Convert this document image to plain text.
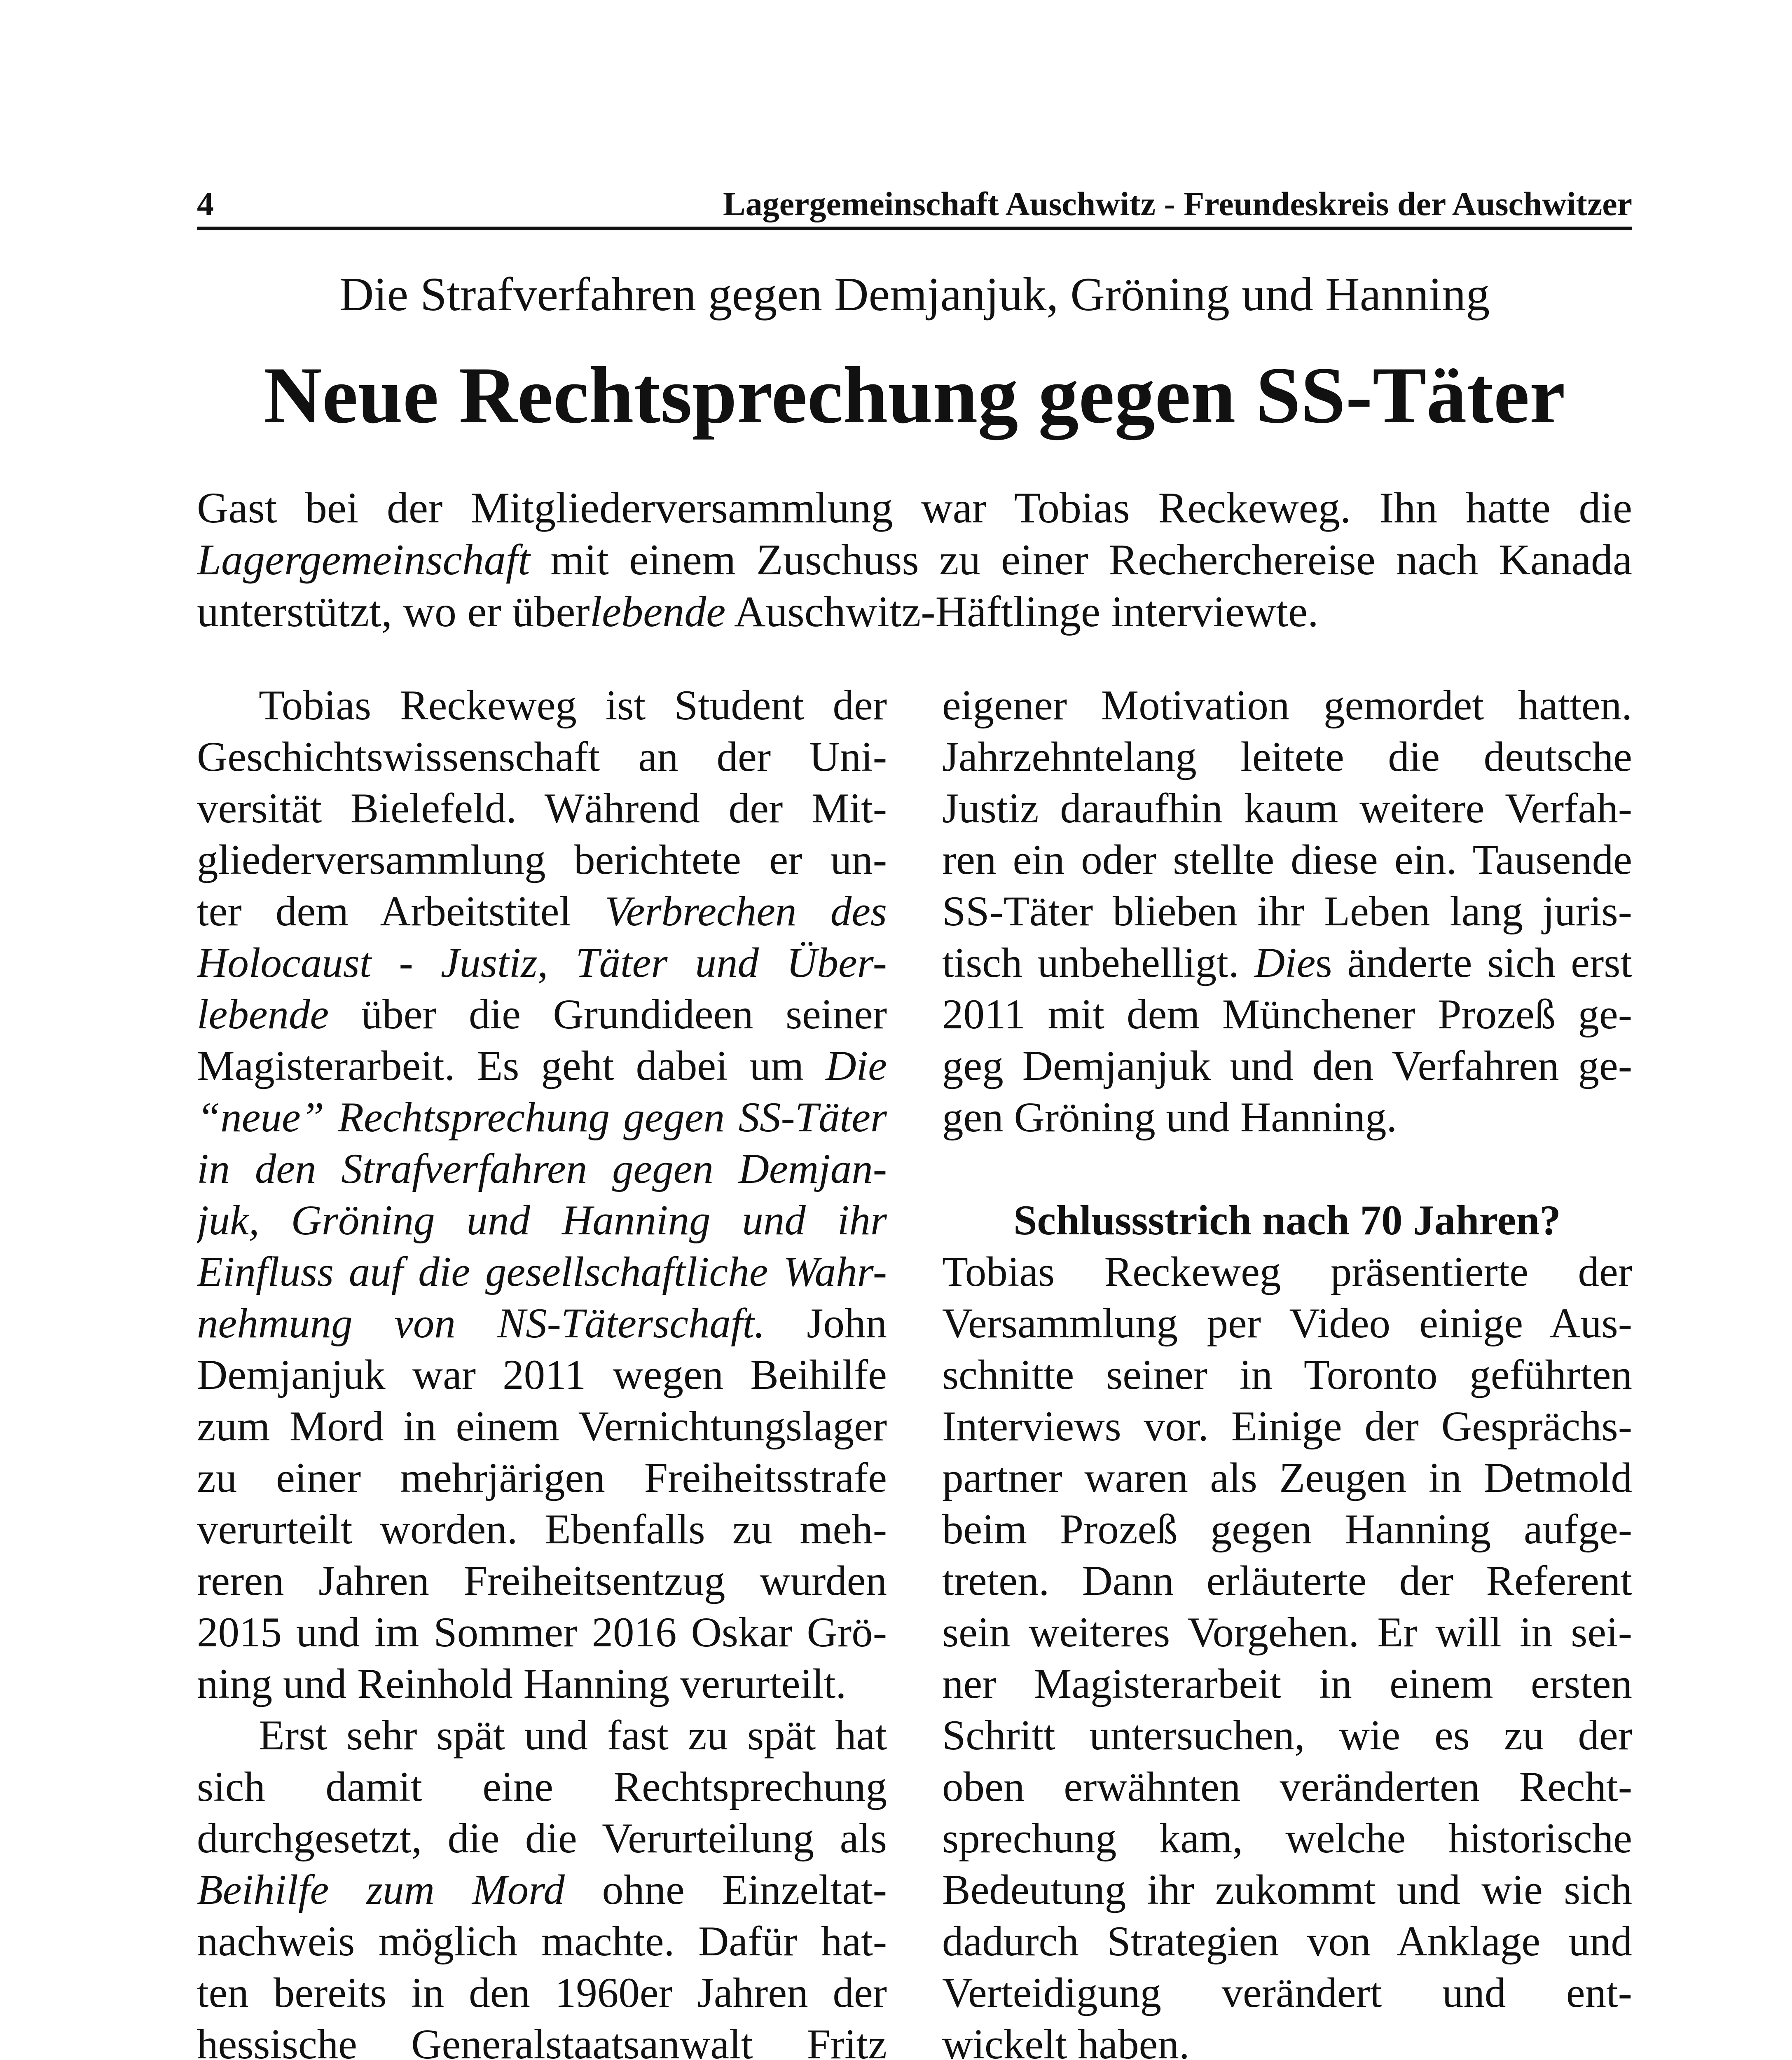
4	Lagergemeinschaft Auschwitz - Freundeskreis der Auschwitzer
Die Strafverfahren gegen Demjanjuk, Gröning und Hanning
Neue Rechtsprechung gegen SS-Täter
Gast bei der Mitgliederversammlung war Tobias Reckeweg. Ihn hatte die
Lagergemeinschaft mit einem Zuschuss zu einer Recherchereise nach Kanada
unterstützt, wo er überlebende Auschwitz-Häftlinge interviewte.
Tobias Reckeweg ist Student der
Geschichtswissenschaft an der Uni-
versität Bielefeld. Während der Mit-
gliederversammlung berichtete er un-
ter dem Arbeitstitel Verbrechen des
Holocaust - Justiz, Täter und Über-
lebende über die Grundideen seiner
Magisterarbeit. Es geht dabei um Die
“neue” Rechtsprechung gegen SS-Täter
in den Strafverfahren gegen Demjan-
juk, Gröning und Hanning und ihr
Einfluss auf die gesellschaftliche Wahr-
nehmung von NS-Täterschaft. John
Demjanjuk war 2011 wegen Beihilfe
zum Mord in einem Vernichtungslager
zu einer mehrjärigen Freiheitsstrafe
verurteilt worden. Ebenfalls zu meh-
reren Jahren Freiheitsentzug wurden
2015 und im Sommer 2016 Oskar Grö-
ning und Reinhold Hanning verurteilt.
Erst sehr spät und fast zu spät hat
sich damit eine Rechtsprechung
durchgesetzt, die die Verurteilung als
Beihilfe zum Mord ohne Einzeltat-
nachweis möglich machte. Dafür hat-
ten bereits in den 1960er Jahren der
hessische Generalstaatsanwalt Fritz
eigener Motivation gemordet hatten.
Jahrzehntelang leitete die deutsche
Justiz daraufhin kaum weitere Verfah-
ren ein oder stellte diese ein. Tausende
SS-Täter blieben ihr Leben lang juris-
tisch unbehelligt. Dies änderte sich erst
2011 mit dem Münchener Prozeß ge-
geg Demjanjuk und den Verfahren ge-
gen Gröning und Hanning.
Schlussstrich nach 70 Jahren?
Tobias Reckeweg präsentierte der
Versammlung per Video einige Aus-
schnitte seiner in Toronto geführten
Interviews vor. Einige der Gesprächs-
partner waren als Zeugen in Detmold
beim Prozeß gegen Hanning aufge-
treten. Dann erläuterte der Referent
sein weiteres Vorgehen. Er will in sei-
ner Magisterarbeit in einem ersten
Schritt untersuchen, wie es zu der
oben erwähnten veränderten Recht-
sprechung kam, welche historische
Bedeutung ihr zukommt und wie sich
dadurch Strategien von Anklage und
Verteidigung verändert und ent-
wickelt haben.
